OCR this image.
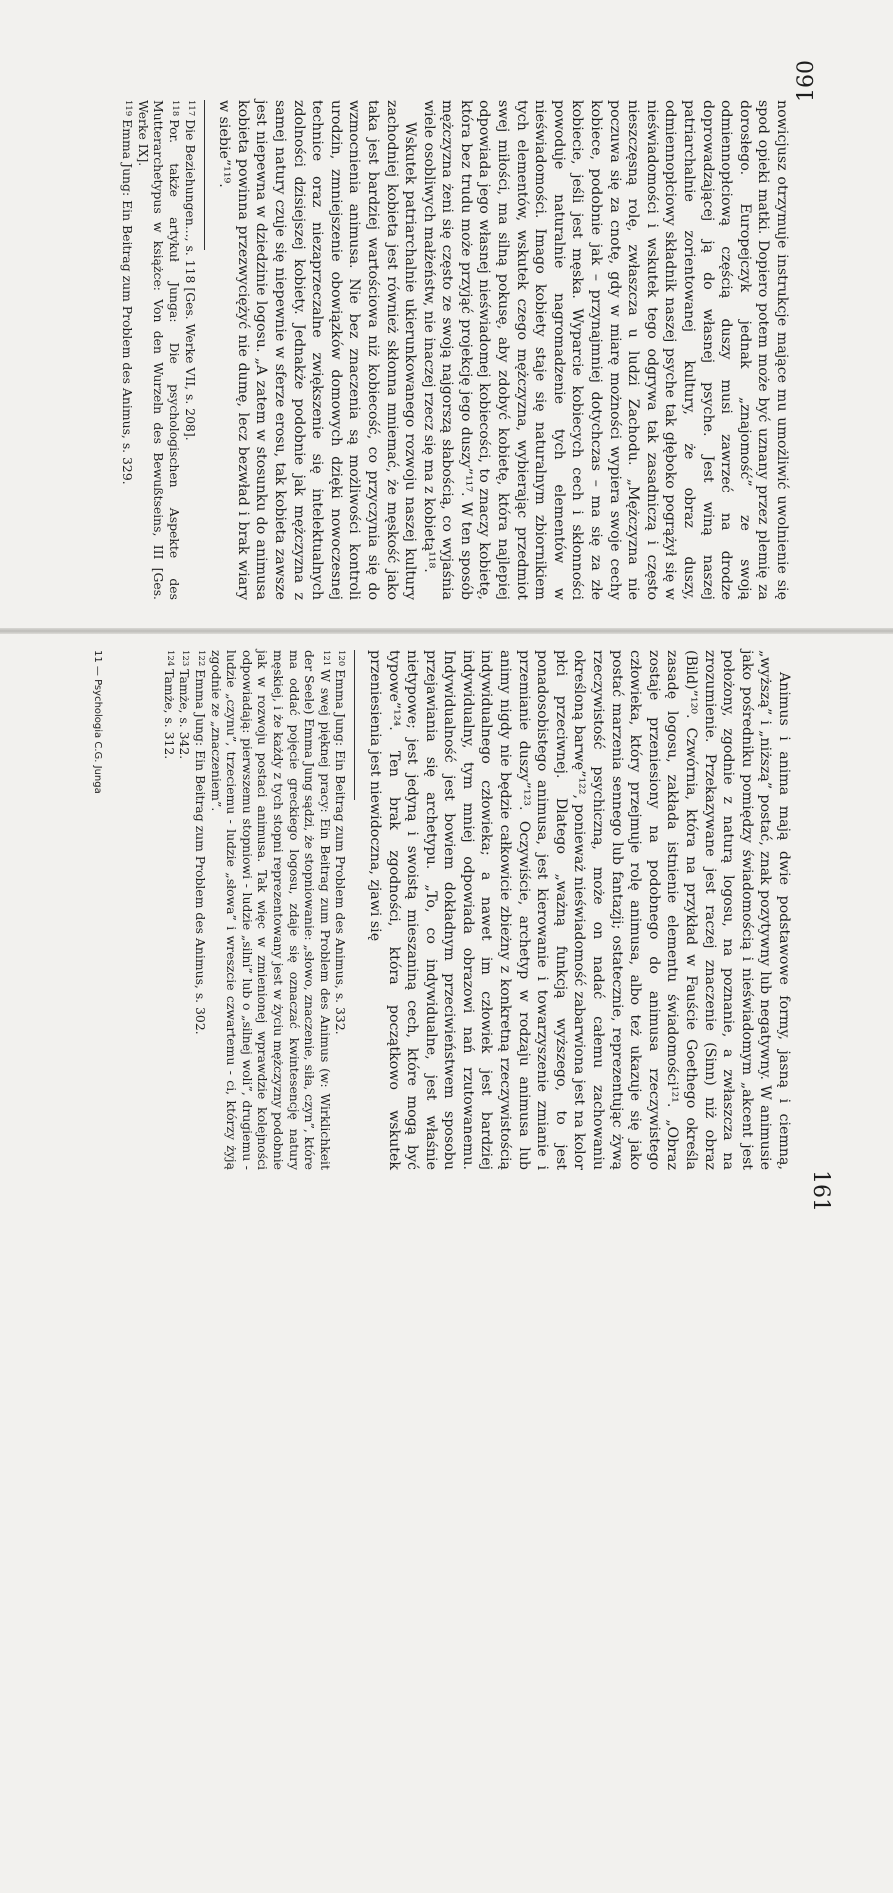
160

nowicjusz otrzymuje instrukcje mające mu umożliwić uwolnienie się spod opieki matki. Dopiero potem może być uznany przez plemię za dorosłego. Europejczyk jednak „znajomość” ze swoją odmiennopłciową częścią duszy musi zawrzeć na drodze doprowadzającej ją do własnej psyche. Jest winą naszej patriarchalnie zorientowanej kultury, że obraz duszy, odmiennopłciowy składnik naszej psyche tak głęboko pogrążył się w nieświadomości i wskutek tego odgrywa tak zasadniczą i często nieszczęsną rolę, zwłaszcza u ludzi Zachodu. „Mężczyzna nie poczuwa się za cnotę, gdy w miarę możności wypiera swoje cechy kobiece, podobnie jak – przynajmniej dotychczas – ma się za złe kobiecie, jeśli jest męska. Wyparcie kobiecych cech i skłonności powoduje naturalnie nagromadzenie tych elementów w nieświadomości. Imago kobiety staje się naturalnym zbiornikiem tych elementów, wskutek czego mężczyzna, wybierając przedmiot swej miłości, ma silną pokusę, aby zdobyć kobietę, która najlepiej odpowiada jego własnej nieświadomej kobiecości, to znaczy kobietę, która bez trudu może przyjąć projekcję jego duszy”¹¹⁷. W ten sposób mężczyzna żeni się często ze swoją najgorszą słabością, co wyjaśnia wiele osobliwych małżeństw, nie inaczej rzecz się ma z kobietą¹¹⁸.

Wskutek patriarchalnie ukierunkowanego rozwoju naszej kultury zachodniej kobieta jest również skłonna mniemać, że męskość jako taka jest bardziej wartościowa niż kobiecość, co przyczynia się do wzmocnienia animusa. Nie bez znaczenia są możliwości kontroli urodzin, zmniejszenie obowiązków domowych dzięki nowoczesnej technice oraz niezaprzeczalne zwiększenie się intelektualnych zdolności dzisiejszej kobiety. Jednakże podobnie jak mężczyzna z samej natury czuje się niepewnie w sferze erosu, tak kobieta zawsze jest niepewna w dziedzinie logosu. „A zatem w stosunku do animusa kobieta powinna przezwyciężyć nie dumę, lecz bezwład i brak wiary w siebie”¹¹⁹.

$^{117}$Die Beziehungen..., s. 118 [Ges. Werke VII, s. 208].

$^{118}$Por. także artykuł Junga: Die psychologischen Aspekte des Mutterarchetypus w książce: Von den Wurzeln des Bewußtseins, III [Ges. Werke IX].

$^{119}$Emma Jung: Ein Beitrag zum Problem des Animus, s. 329.

161
11 — Psychologia C.G. Junga	Animus i anima mają dwie podstawowe formy, jasną i ciemną, „wyższą” i „niższą” postać, znak pozytywny lub negatywny. W animusie jako pośredniku pomiędzy świadomością i nieświadomym „akcent jest położony, zgodnie z naturą logosu, na poznanie, a zwłaszcza na zrozumienie. Przekazywane jest raczej znaczenie (Sinn) niż obraz (Bild)”¹²⁰. Czwórnia, która na przykład w Fauście Goethego określa zasadę logosu, zakłada istnienie elementu świadomości¹²¹. „Obraz zostaje przeniesiony na podobnego do animusa rzeczywistego człowieka, który przejmuje rolę animusa, albo też ukazuje się jako postać marzenia sennego lub fantazji; ostatecznie, reprezentując żywą rzeczywistość psychiczną, może on nadać całemu zachowaniu określoną barwę”¹²², ponieważ nieświadomość zabarwiona jest na kolor płci przeciwnej. Dlatego „ważną funkcją wyższego, to jest ponadosobistego animusa, jest kierowanie i towarzyszenie zmianie i przemianie duszy”¹²³. Oczywiście, archetyp w rodzaju animusa lub animy nigdy nie będzie całkowicie zbieżny z konkretną rzeczywistością indywidualnego człowieka; a nawet im człowiek jest bardziej indywidualny, tym mniej odpowiada obrazowi nań rzutowanemu. Indywidualność jest bowiem dokładnym przeciwieństwem sposobu przejawiania się archetypu. „To, co indywidualne, jest właśnie nietypowe; jest jedyną i swoistą mieszaniną cech, które mogą być typowe”¹²⁴. Ten brak zgodności, która początkowo wskutek przeniesienia jest niewidoczna, zjawi się

$^{120}$Emma Jung: Ein Beitrag zum Problem des Animus, s. 332.

$^{121}$W swej pięknej pracy: Ein Beitrag zum Problem des Animus (w: Wirklichkeit der Seele) Emma Jung sądzi, że stopniowanie: „słowo, znaczenie, siła, czyn”, które ma oddać pojęcie greckiego logosu, zdaje się oznaczać kwintesencję natury męskiej, i że każdy z tych stopni reprezentowany jest w życiu mężczyzny podobnie jak w rozwoju postaci animusa. Tak więc w zmienionej wprawdzie kolejności odpowiadają: pierwszemu stopniowi - ludzie „silni” lub o „silnej woli”, drugiemu - ludzie „czynu”, trzeciemu - ludzie „słowa” i wreszcie czwartemu - ci, którzy żyją zgodnie ze „znaczeniem”.

$^{122}$Emma Jung: Ein Beitrag zum Problem des Animus, s. 302.

$^{123}$Tamże, s. 342.

$^{124}$Tamże, s. 312.
